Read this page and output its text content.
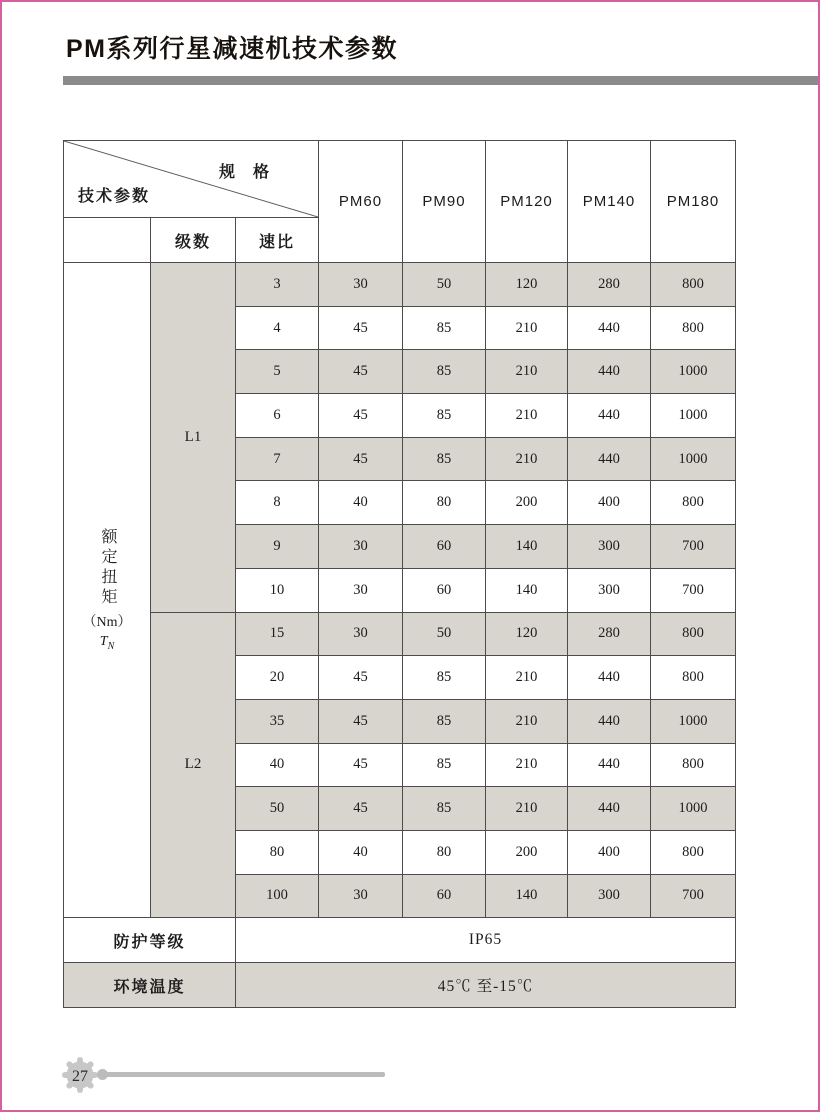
PM系列行星减速机技术参数
规 格
技术参数			PM60	PM90	PM120	PM140	PM180
	级数	速比					

额定扭矩
（Nm）
$T_N$	L1	3	30	50	120	280	800
		4	45	85	210	440	800
		5	45	85	210	440	1000
		6	45	85	210	440	1000
		7	45	85	210	440	1000
		8	40	80	200	400	800
		9	30	60	140	300	700
		10	30	60	140	300	700
	L2	15	30	50	120	280	800
		20	45	85	210	440	800
		35	45	85	210	440	1000
		40	45	85	210	440	800
		50	45	85	210	440	1000
		80	40	80	200	400	800
		100	30	60	140	300	700
防护等级		IP65					
环境温度		45℃ 至-15℃					
27
